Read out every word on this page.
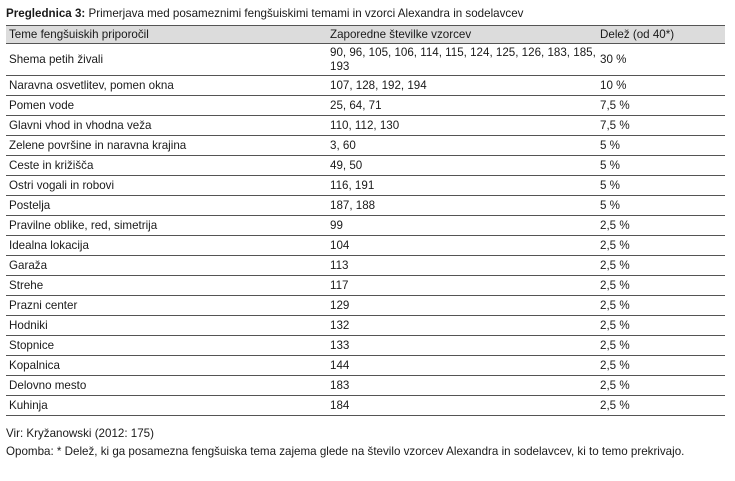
Preglednica 3: Primerjava med posameznimi fengšuiskimi temami in vzorci Alexandra in sodelavcev
Teme fengšuiskih priporočil	Zaporedne številke vzorcev	Delež (od 40*)
Shema petih živali	90, 96, 105, 106, 114, 115, 124, 125, 126, 183, 185, 193	30 %
Naravna osvetlitev, pomen okna	107, 128, 192, 194	10 %
Pomen vode	25, 64, 71	7,5 %
Glavni vhod in vhodna veža	110, 112, 130	7,5 %
Zelene površine in naravna krajina	3, 60	5 %
Ceste in križišča	49, 50	5 %
Ostri vogali in robovi	116, 191	5 %
Postelja	187, 188	5 %
Pravilne oblike, red, simetrija	99	2,5 %
Idealna lokacija	104	2,5 %
Garaža	113	2,5 %
Strehe	117	2,5 %
Prazni center	129	2,5 %
Hodniki	132	2,5 %
Stopnice	133	2,5 %
Kopalnica	144	2,5 %
Delovno mesto	183	2,5 %
Kuhinja	184	2,5 %
Vir: Kryžanowski (2012: 175)
Opomba: * Delež, ki ga posamezna fengšuiska tema zajema glede na število vzorcev Alexandra in sodelavcev, ki to temo prekrivajo.
